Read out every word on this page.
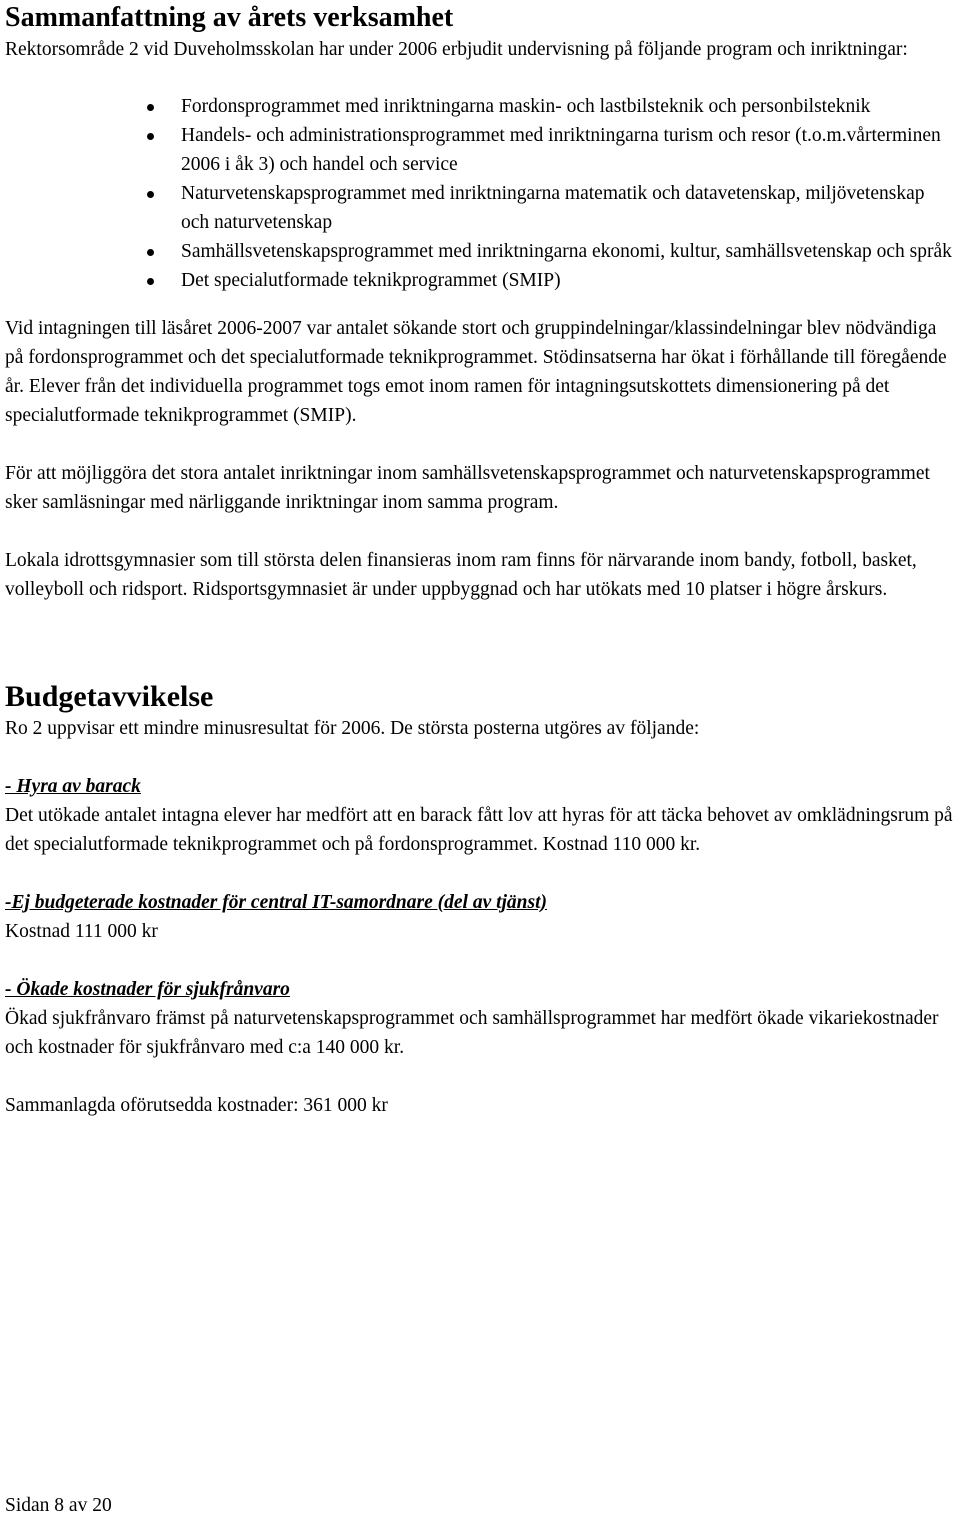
Sammanfattning av årets verksamhet

Rektorsområde 2 vid Duveholmsskolan har under 2006 erbjudit undervisning på följande program och inriktningar:

Fordonsprogrammet med inriktningarna maskin- och lastbilsteknik och personbilsteknik
Handels- och administrationsprogrammet med inriktningarna turism och resor (t.o.m.vårterminen 2006 i åk 3) och handel och service
Naturvetenskapsprogrammet med inriktningarna matematik och datavetenskap, miljövetenskap och naturvetenskap
Samhällsvetenskapsprogrammet med inriktningarna ekonomi, kultur, samhällsvetenskap och språk
Det specialutformade teknikprogrammet (SMIP)

Vid intagningen till läsåret 2006-2007 var antalet sökande stort och gruppindelningar/klassindelningar blev nödvändiga på fordonsprogrammet och det specialutformade teknikprogrammet. Stödinsatserna har ökat i förhållande till föregående år. Elever från det individuella programmet togs emot inom ramen för intagningsutskottets dimensionering på det specialutformade teknikprogrammet (SMIP).

För att möjliggöra det stora antalet inriktningar inom samhällsvetenskapsprogrammet och naturvetenskapsprogrammet sker samläsningar med närliggande inriktningar inom samma program.

Lokala idrottsgymnasier som till största delen finansieras inom ram finns för närvarande inom bandy, fotboll, basket, volleyboll och ridsport. Ridsportsgymnasiet är under uppbyggnad och har utökats med 10 platser i högre årskurs.

Budgetavvikelse

Ro 2 uppvisar ett mindre minusresultat för 2006. De största posterna utgöres av följande:

- Hyra av barack

Det utökade antalet intagna elever har medfört att en barack fått lov att hyras för att täcka behovet av omklädningsrum på det specialutformade teknikprogrammet och på fordonsprogrammet. Kostnad 110 000 kr.

-Ej budgeterade kostnader för central IT-samordnare (del av tjänst)

Kostnad 111 000 kr

- Ökade kostnader för sjukfrånvaro

Ökad sjukfrånvaro främst på naturvetenskapsprogrammet och samhällsprogrammet har medfört ökade vikariekostnader och kostnader för sjukfrånvaro med c:a 140 000 kr.

Sammanlagda oförutsedda kostnader: 361 000 kr

Sidan 8 av 20
